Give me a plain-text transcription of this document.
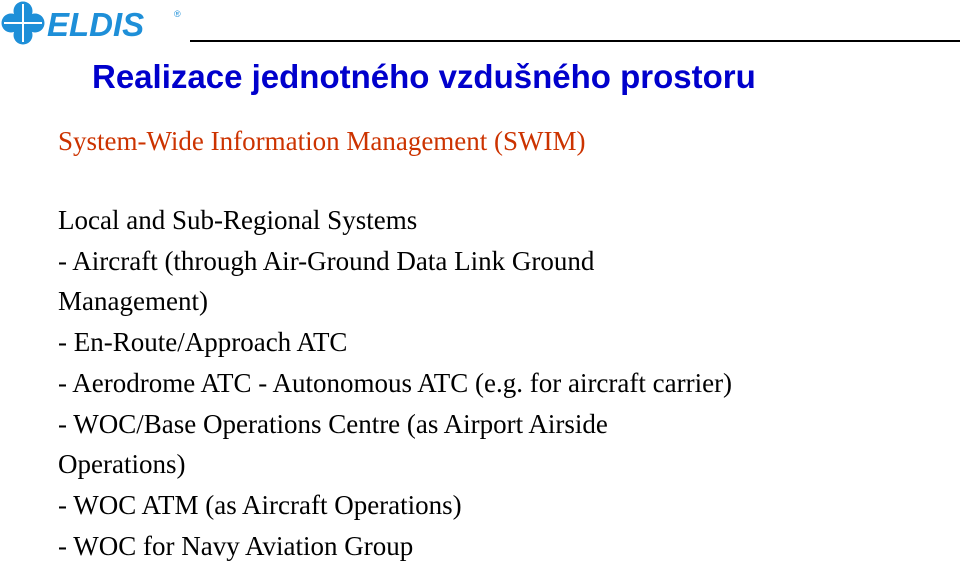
ELDIS	®
Realizace jednotného vzdušného prostoru

System-Wide Information Management (SWIM)

Local and Sub-Regional Systems
- Aircraft (through Air-Ground Data Link Ground
Management)
- En-Route/Approach ATC
- Aerodrome ATC - Autonomous ATC (e.g. for aircraft carrier)
- WOC/Base Operations Centre (as Airport Airside
Operations)
- WOC ATM (as Aircraft Operations)
- WOC for Navy Aviation Group
